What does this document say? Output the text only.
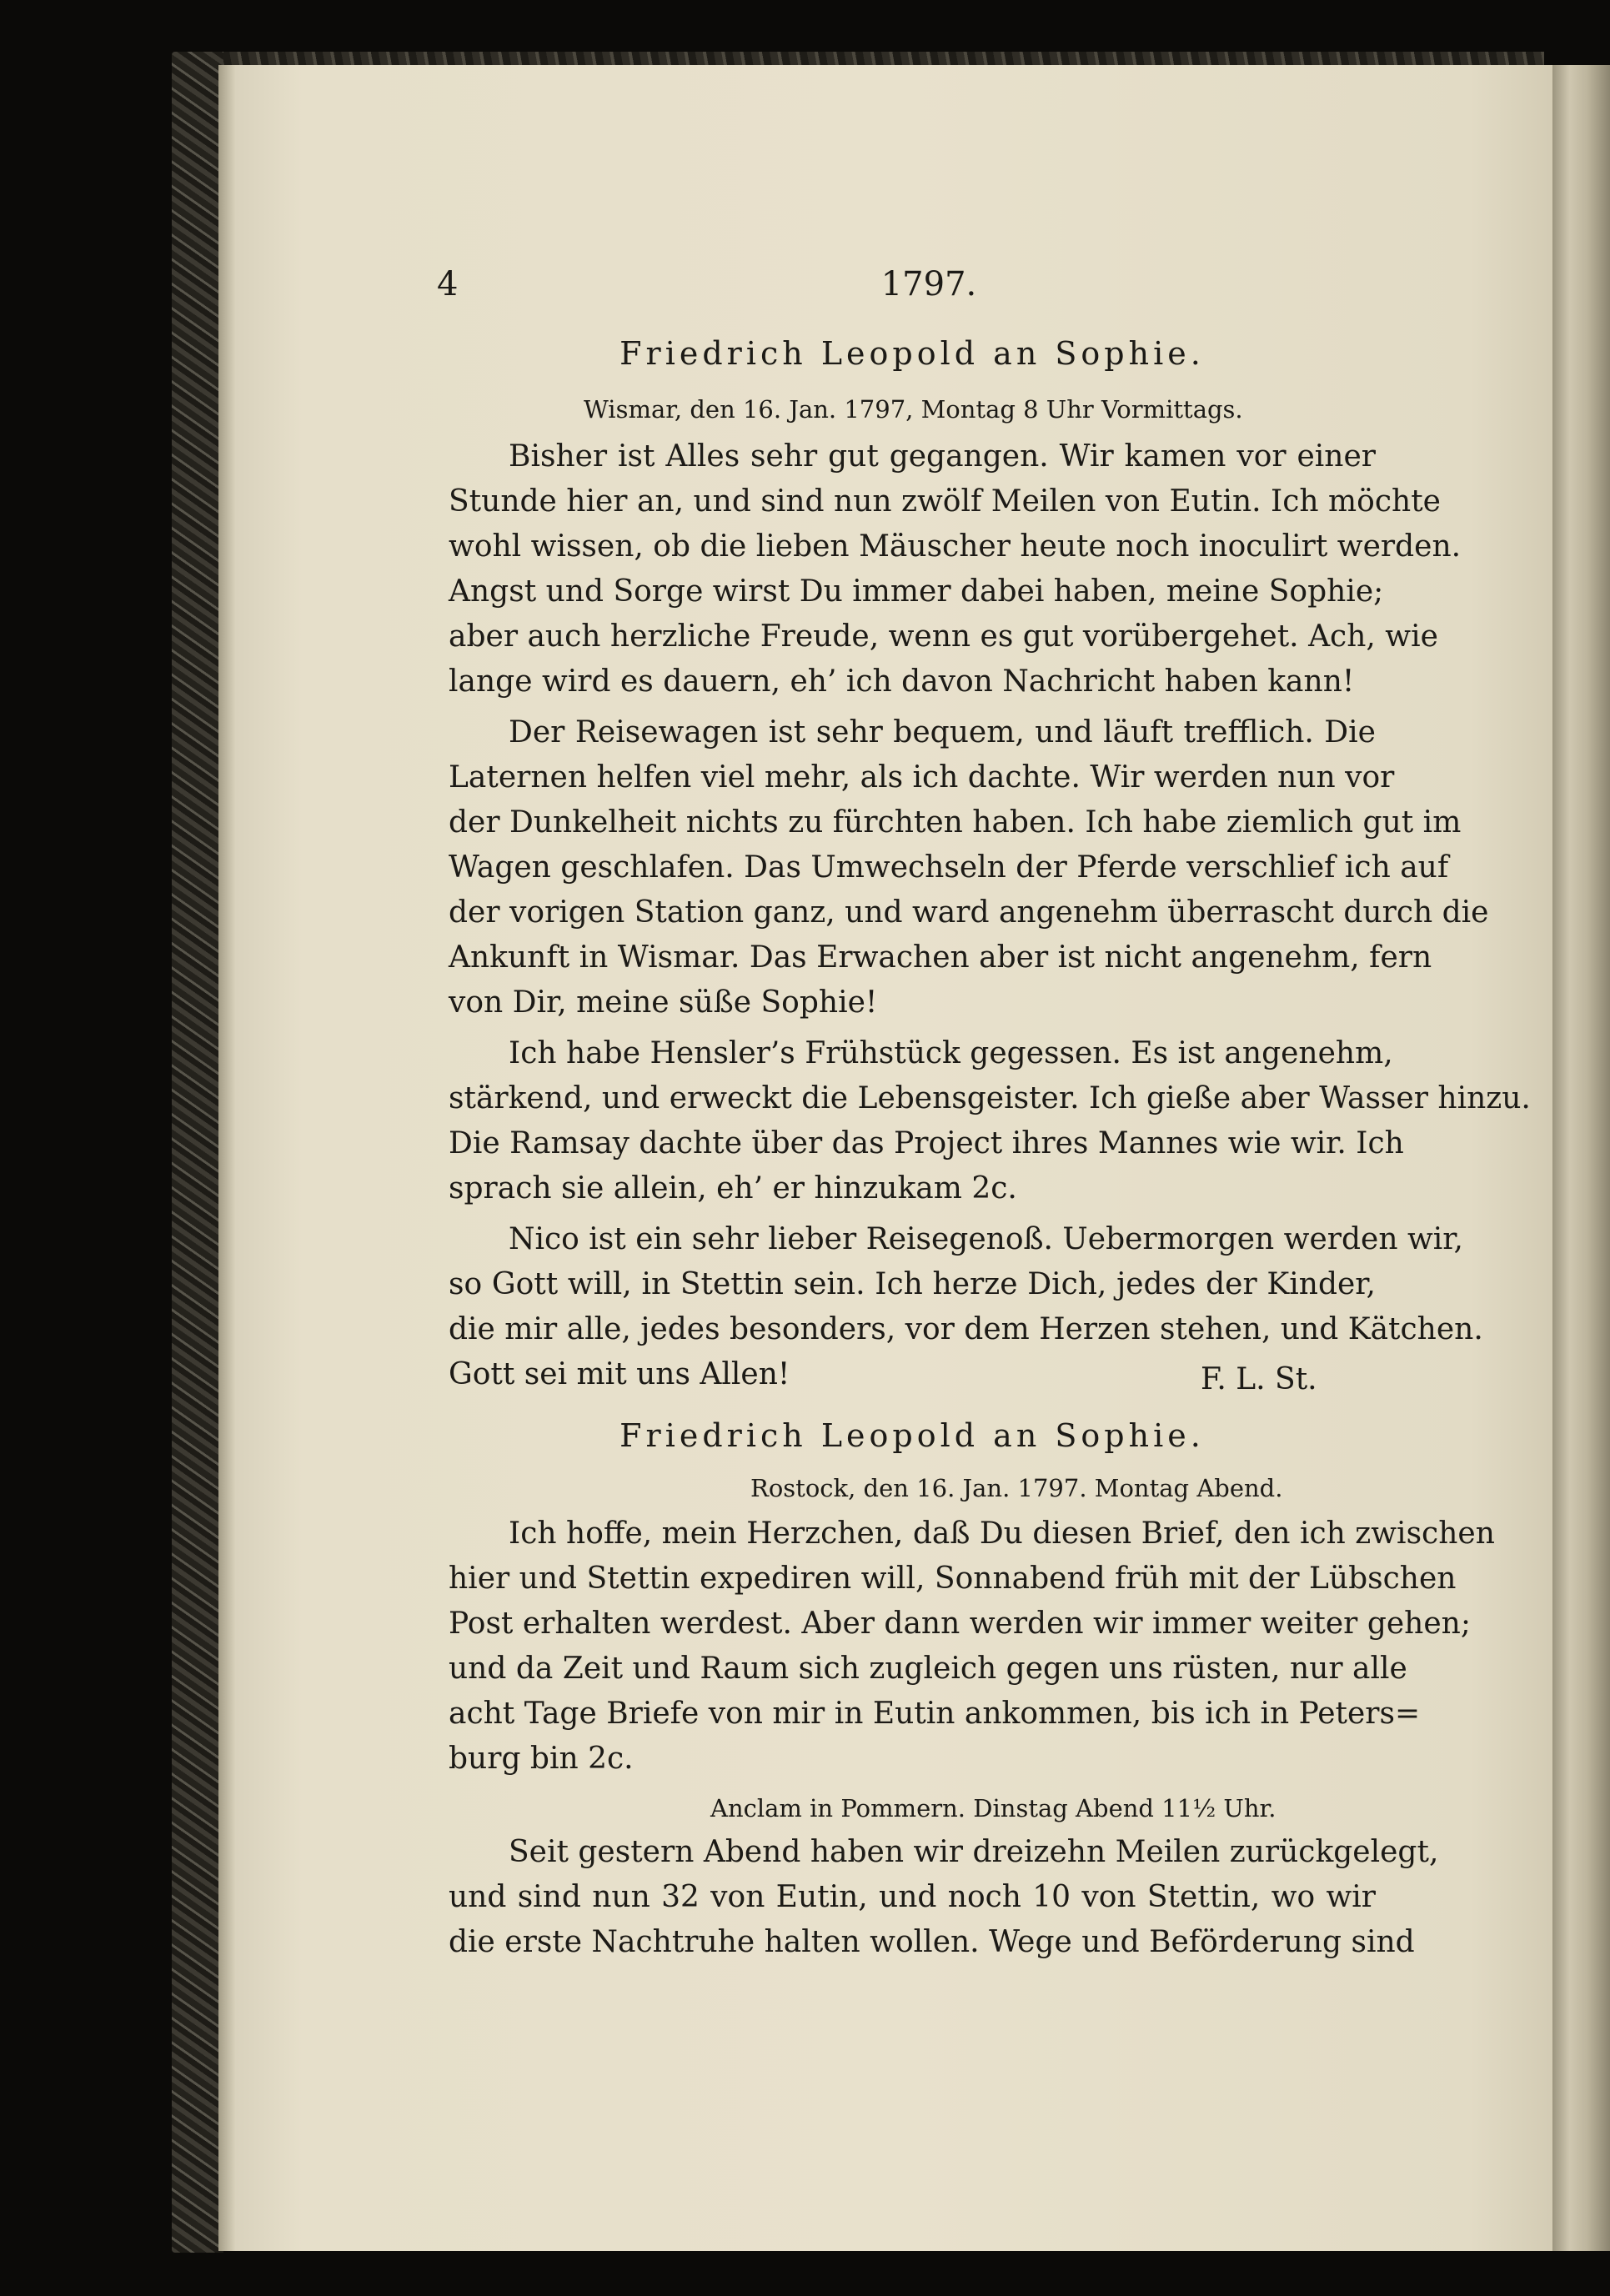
4	1797.
Friedrich Leopold an Sophie.
Wismar, den 16. Jan. 1797, Montag 8 Uhr Vormittags.
Bisher ist Alles sehr gut gegangen. Wir kamen vor einer
Stunde hier an, und sind nun zwölf Meilen von Eutin. Ich möchte
wohl wissen, ob die lieben Mäuscher heute noch inoculirt werden.
Angst und Sorge wirst Du immer dabei haben, meine Sophie;
aber auch herzliche Freude, wenn es gut vorübergehet. Ach, wie
lange wird es dauern, eh’ ich davon Nachricht haben kann!
Der Reisewagen ist sehr bequem, und läuft trefflich. Die
Laternen helfen viel mehr, als ich dachte. Wir werden nun vor
der Dunkelheit nichts zu fürchten haben. Ich habe ziemlich gut im
Wagen geschlafen. Das Umwechseln der Pferde verschlief ich auf
der vorigen Station ganz, und ward angenehm überrascht durch die
Ankunft in Wismar. Das Erwachen aber ist nicht angenehm, fern
von Dir, meine süße Sophie!
Ich habe Hensler’s Frühstück gegessen. Es ist angenehm,
stärkend, und erweckt die Lebensgeister. Ich gieße aber Wasser hinzu.
Die Ramsay dachte über das Project ihres Mannes wie wir. Ich
sprach sie allein, eh’ er hinzukam 2c.
Nico ist ein sehr lieber Reisegenoß. Uebermorgen werden wir,
so Gott will, in Stettin sein. Ich herze Dich, jedes der Kinder,
die mir alle, jedes besonders, vor dem Herzen stehen, und Kätchen.
Gott sei mit uns Allen!	F. L. St.
Friedrich Leopold an Sophie.
Rostock, den 16. Jan. 1797. Montag Abend.
Ich hoffe, mein Herzchen, daß Du diesen Brief, den ich zwischen
hier und Stettin expediren will, Sonnabend früh mit der Lübschen
Post erhalten werdest. Aber dann werden wir immer weiter gehen;
und da Zeit und Raum sich zugleich gegen uns rüsten, nur alle
acht Tage Briefe von mir in Eutin ankommen, bis ich in Peters=
burg bin 2c.
Anclam in Pommern. Dinstag Abend 11½ Uhr.
Seit gestern Abend haben wir dreizehn Meilen zurückgelegt,
und sind nun 32 von Eutin, und noch 10 von Stettin, wo wir
die erste Nachtruhe halten wollen. Wege und Beförderung sind
